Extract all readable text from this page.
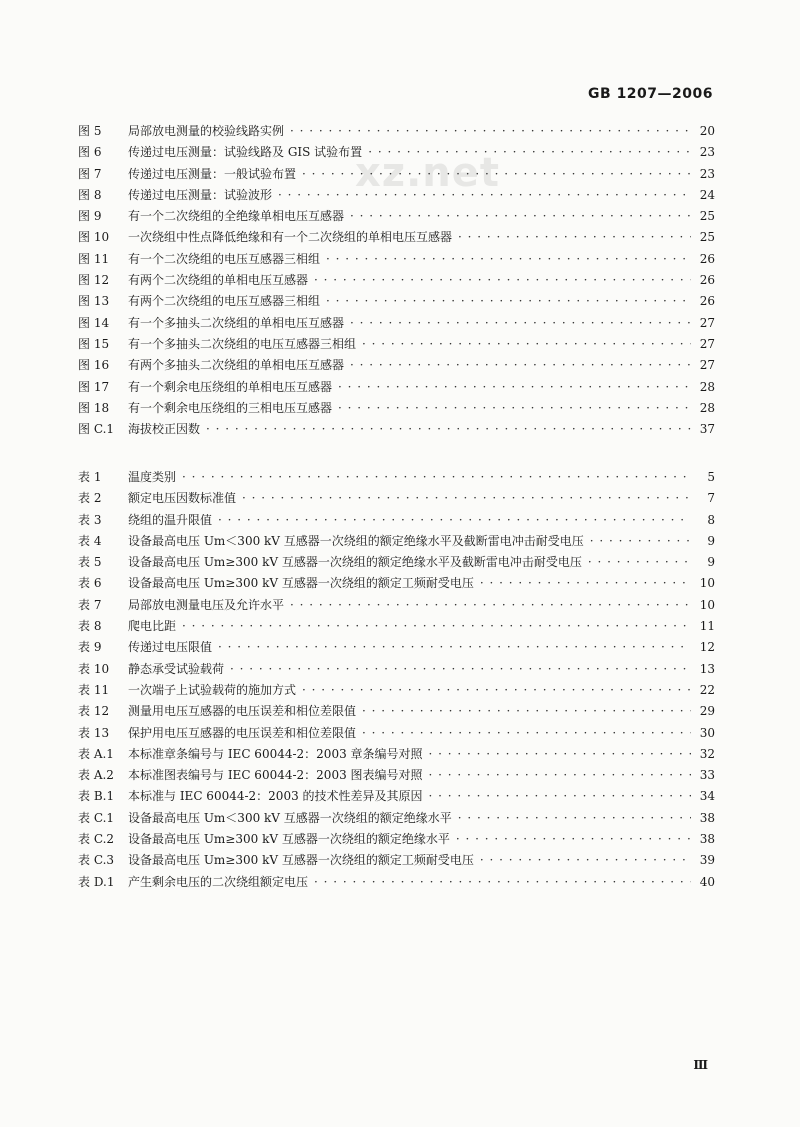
GB 1207—2006
xz.net
图 5	局部放电测量的校验线路实例 · · ·	20
图 6	传递过电压测量：试验线路及 GIS 试验布置 · · ·	23
图 7	传递过电压测量：一般试验布置 · · ·	23
图 8	传递过电压测量：试验波形 · · ·	24
图 9	有一个二次绕组的全绝缘单相电压互感器 · · ·	25
图 10	一次绕组中性点降低绝缘和有一个二次绕组的单相电压互感器 · · ·	25
图 11	有一个二次绕组的电压互感器三相组 · · ·	26
图 12	有两个二次绕组的单相电压互感器 · · ·	26
图 13	有两个二次绕组的电压互感器三相组 · · ·	26
图 14	有一个多抽头二次绕组的单相电压互感器 · · ·	27
图 15	有一个多抽头二次绕组的电压互感器三相组 · · ·	27
图 16	有两个多抽头二次绕组的单相电压互感器 · · ·	27
图 17	有一个剩余电压绕组的单相电压互感器 · · ·	28
图 18	有一个剩余电压绕组的三相电压互感器 · · ·	28
图 C.1	海拔校正因数 · · ·	37
表 1	温度类别 · · ·	5
表 2	额定电压因数标准值 · · ·	7
表 3	绕组的温升限值 · · ·	8
表 4	设备最高电压 Um＜300 kV 互感器一次绕组的额定绝缘水平及截断雷电冲击耐受电压 · · ·	9
表 5	设备最高电压 Um≥300 kV 互感器一次绕组的额定绝缘水平及截断雷电冲击耐受电压 · · ·	9
表 6	设备最高电压 Um≥300 kV 互感器一次绕组的额定工频耐受电压 · · ·	10
表 7	局部放电测量电压及允许水平 · · ·	10
表 8	爬电比距 · · ·	11
表 9	传递过电压限值 · · ·	12
表 10	静态承受试验载荷 · · ·	13
表 11	一次端子上试验载荷的施加方式 · · ·	22
表 12	测量用电压互感器的电压误差和相位差限值 · · ·	29
表 13	保护用电压互感器的电压误差和相位差限值 · · ·	30
表 A.1	本标准章条编号与 IEC 60044-2：2003 章条编号对照 · · ·	32
表 A.2	本标准图表编号与 IEC 60044-2：2003 图表编号对照 · · ·	33
表 B.1	本标准与 IEC 60044-2：2003 的技术性差异及其原因 · · ·	34
表 C.1	设备最高电压 Um＜300 kV 互感器一次绕组的额定绝缘水平 · · ·	38
表 C.2	设备最高电压 Um≥300 kV 互感器一次绕组的额定绝缘水平 · · ·	38
表 C.3	设备最高电压 Um≥300 kV 互感器一次绕组的额定工频耐受电压 · · ·	39
表 D.1	产生剩余电压的二次绕组额定电压 · · ·	40
Ⅲ
